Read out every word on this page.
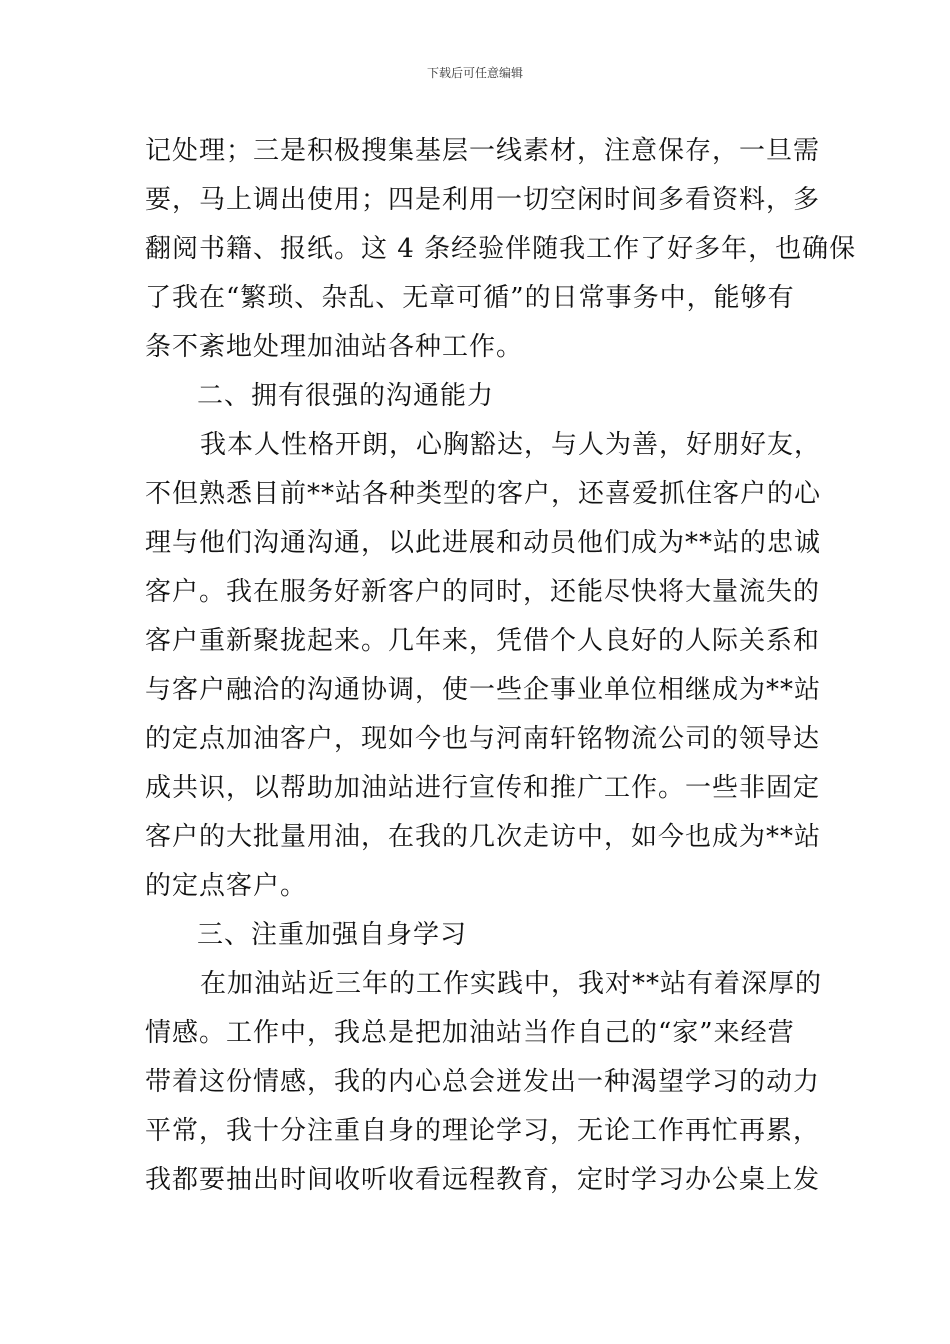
下载后可任意编辑
记处理；三是积极搜集基层一线素材，注意保存，一旦需
要，马上调出使用；四是利用一切空闲时间多看资料，多
翻阅书籍、报纸。这 4 条经验伴随我工作了好多年，也确保
了我在“繁琐、杂乱、无章可循”的日常事务中，能够有
条不紊地处理加油站各种工作。
二、拥有很强的沟通能力
我本人性格开朗，心胸豁达，与人为善，好朋好友，
不但熟悉目前**站各种类型的客户，还喜爱抓住客户的心
理与他们沟通沟通，以此进展和动员他们成为**站的忠诚
客户。我在服务好新客户的同时，还能尽快将大量流失的
客户重新聚拢起来。几年来，凭借个人良好的人际关系和
与客户融洽的沟通协调，使一些企事业单位相继成为**站
的定点加油客户，现如今也与河南轩铭物流公司的领导达
成共识，以帮助加油站进行宣传和推广工作。一些非固定
客户的大批量用油，在我的几次走访中，如今也成为**站
的定点客户。
三、注重加强自身学习
在加油站近三年的工作实践中，我对**站有着深厚的
情感。工作中，我总是把加油站当作自己的“家”来经营
带着这份情感，我的内心总会迸发出一种渴望学习的动力
平常，我十分注重自身的理论学习，无论工作再忙再累，
我都要抽出时间收听收看远程教育，定时学习办公桌上发
